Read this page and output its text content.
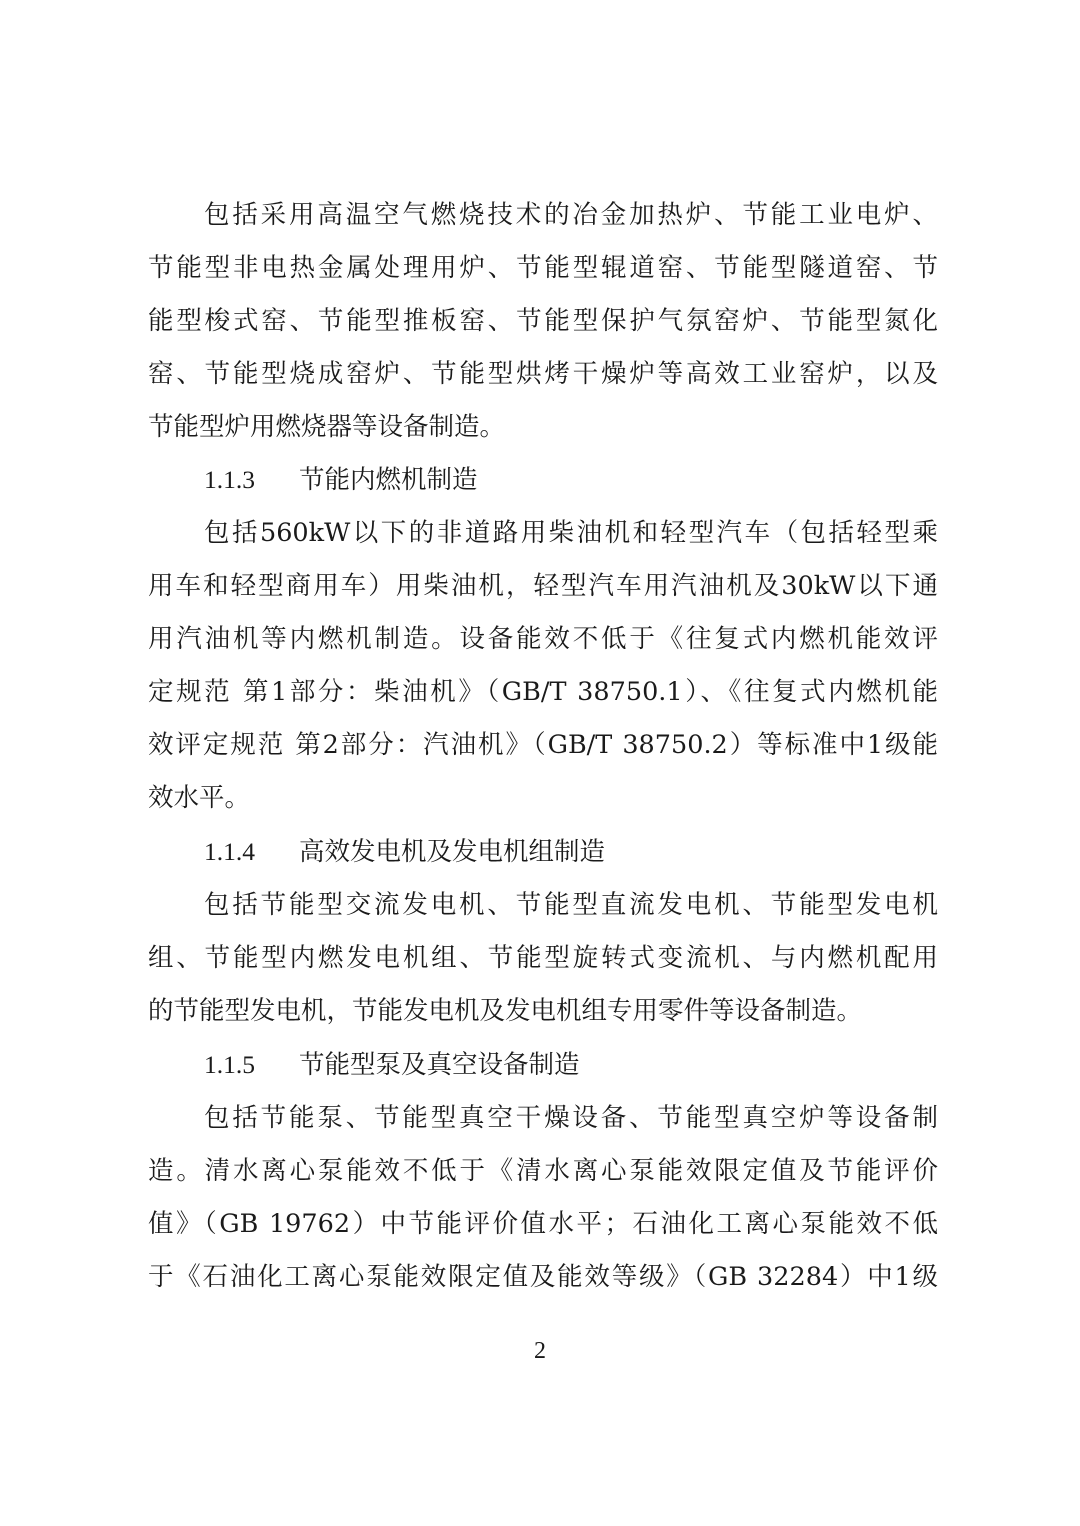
包括采用高温空气燃烧技术的冶金加热炉、节能工业电炉、
节能型非电热金属处理用炉、节能型辊道窑、节能型隧道窑、节
能型梭式窑、节能型推板窑、节能型保护气氛窑炉、节能型氮化
窑、节能型烧成窑炉、节能型烘烤干燥炉等高效工业窑炉，以及
节能型炉用燃烧器等设备制造。
1.1.3 节能内燃机制造
包括560kW以下的非道路用柴油机和轻型汽车（包括轻型乘
用车和轻型商用车）用柴油机，轻型汽车用汽油机及30kW以下通
用汽油机等内燃机制造。设备能效不低于《往复式内燃机能效评
定规范 第1部分：柴油机》（GB/T 38750.1）、《往复式内燃机能
效评定规范 第2部分：汽油机》（GB/T 38750.2）等标准中1级能
效水平。
1.1.4 高效发电机及发电机组制造
包括节能型交流发电机、节能型直流发电机、节能型发电机
组、节能型内燃发电机组、节能型旋转式变流机、与内燃机配用
的节能型发电机，节能发电机及发电机组专用零件等设备制造。
1.1.5 节能型泵及真空设备制造
包括节能泵、节能型真空干燥设备、节能型真空炉等设备制
造。清水离心泵能效不低于《清水离心泵能效限定值及节能评价
值》（GB 19762）中节能评价值水平；石油化工离心泵能效不低
于《石油化工离心泵能效限定值及能效等级》（GB 32284）中1级
2
